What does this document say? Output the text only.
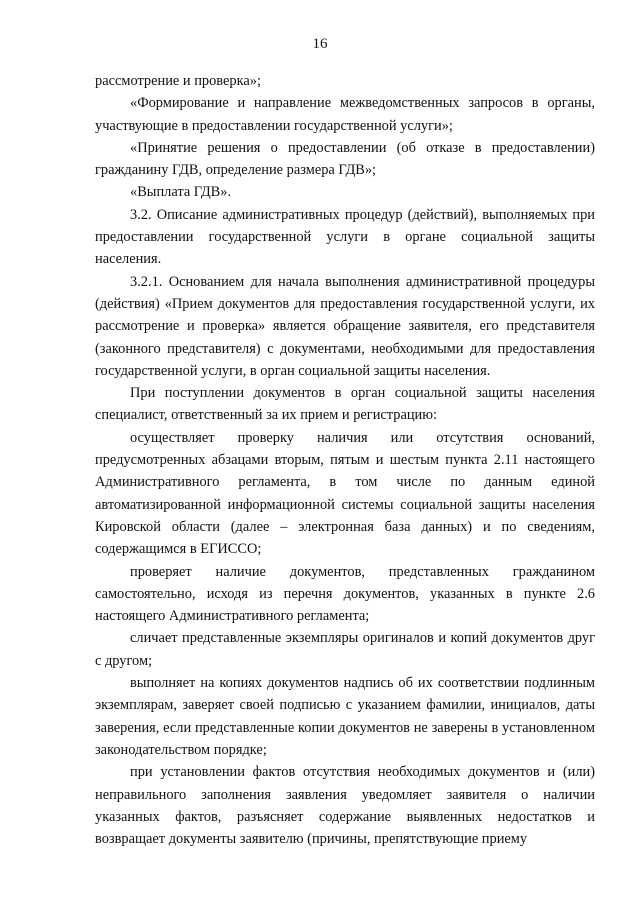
16

рассмотрение и проверка»;

«Формирование и направление межведомственных запросов в органы, участвующие в предоставлении государственной услуги»;

«Принятие решения о предоставлении (об отказе в предоставлении) гражданину ГДВ, определение размера ГДВ»;

«Выплата ГДВ».

3.2. Описание административных процедур (действий), выполняемых при предоставлении государственной услуги в органе социальной защиты населения.

3.2.1. Основанием для начала выполнения административной процедуры (действия) «Прием документов для предоставления государственной услуги, их рассмотрение и проверка» является обращение заявителя, его представителя (законного представителя) с документами, необходимыми для предоставления государственной услуги, в орган социальной защиты населения.

При поступлении документов в орган социальной защиты населения специалист, ответственный за их прием и регистрацию:

осуществляет проверку наличия или отсутствия оснований, предусмотренных абзацами вторым, пятым и шестым пункта 2.11 настоящего Административного регламента, в том числе по данным единой автоматизированной информационной системы социальной защиты населения Кировской области (далее – электронная база данных) и по сведениям, содержащимся в ЕГИССО;

проверяет наличие документов, представленных гражданином самостоятельно, исходя из перечня документов, указанных в пункте 2.6 настоящего Административного регламента;

сличает представленные экземпляры оригиналов и копий документов друг с другом;

выполняет на копиях документов надпись об их соответствии подлинным экземплярам, заверяет своей подписью с указанием фамилии, инициалов, даты заверения, если представленные копии документов не заверены в установленном законодательством порядке;

при установлении фактов отсутствия необходимых документов и (или) неправильного заполнения заявления уведомляет заявителя о наличии указанных фактов, разъясняет содержание выявленных недостатков и возвращает документы заявителю (причины, препятствующие приему
